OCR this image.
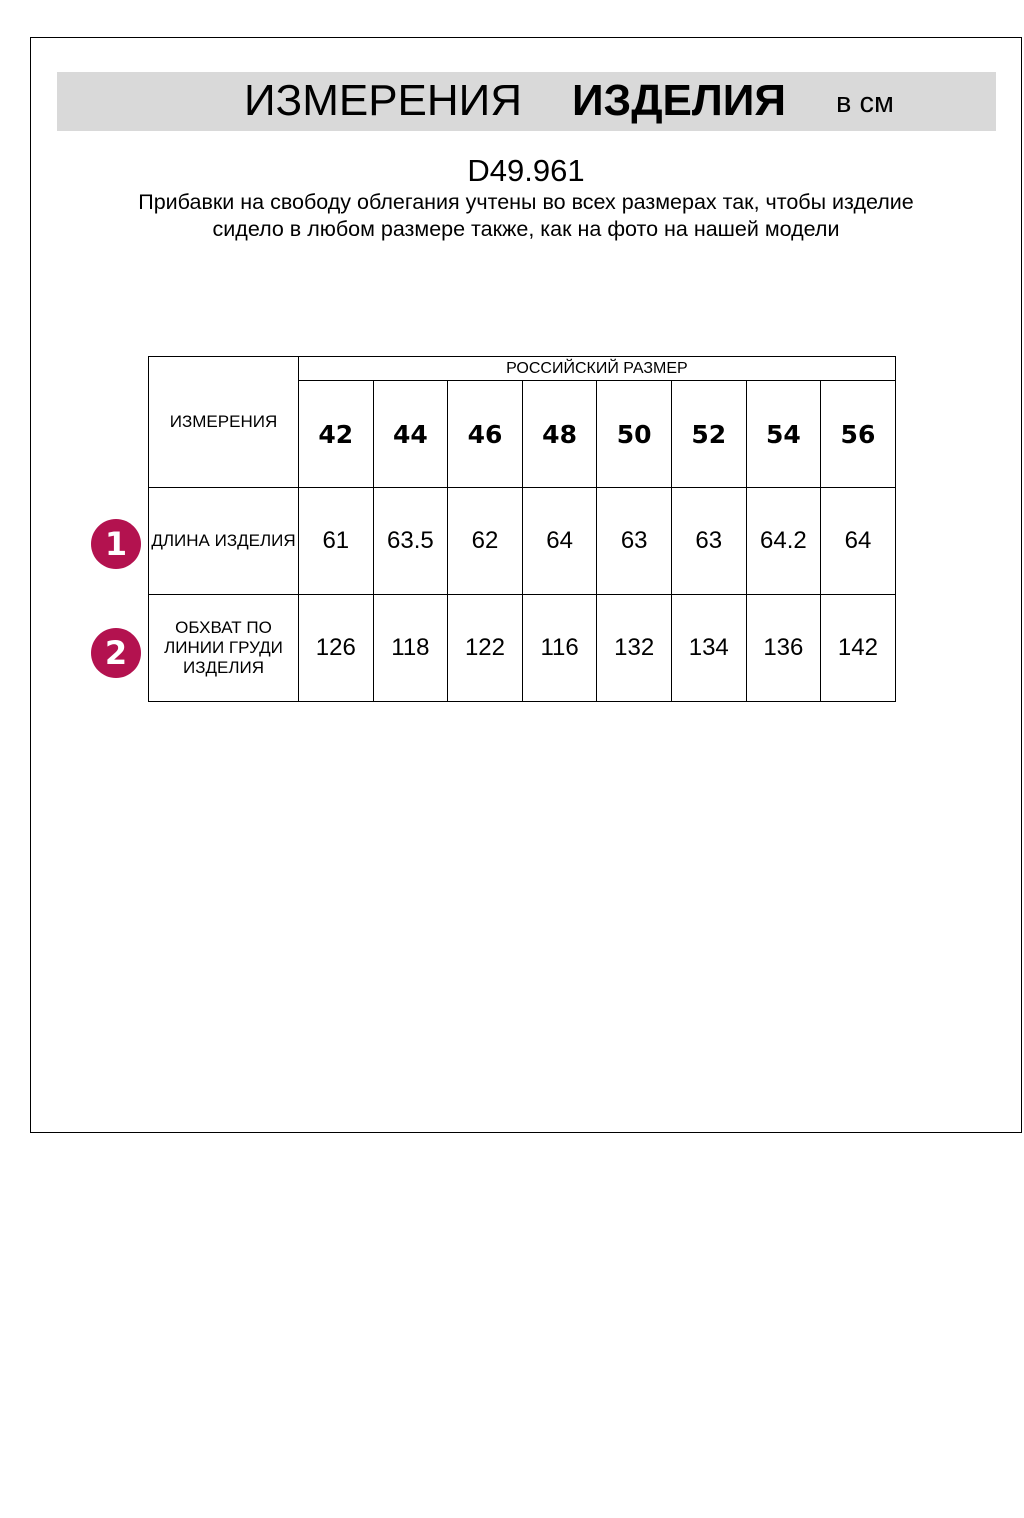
ИЗМЕРЕНИЯ ИЗДЕЛИЯ в см
D49.961
Прибавки на свободу облегания учтены во всех размерах так, чтобы изделие сидело в любом размере также, как на фото на нашей модели
1
2
ИЗМЕРЕНИЯ	РОССИЙСКИЙ РАЗМЕР							
	42	44	46	48	50	52	54	56
ДЛИНА ИЗДЕЛИЯ	61	63.5	62	64	63	63	64.2	64
ОБХВАТ ПО ЛИНИИ ГРУДИ ИЗДЕЛИЯ	126	118	122	116	132	134	136	142
